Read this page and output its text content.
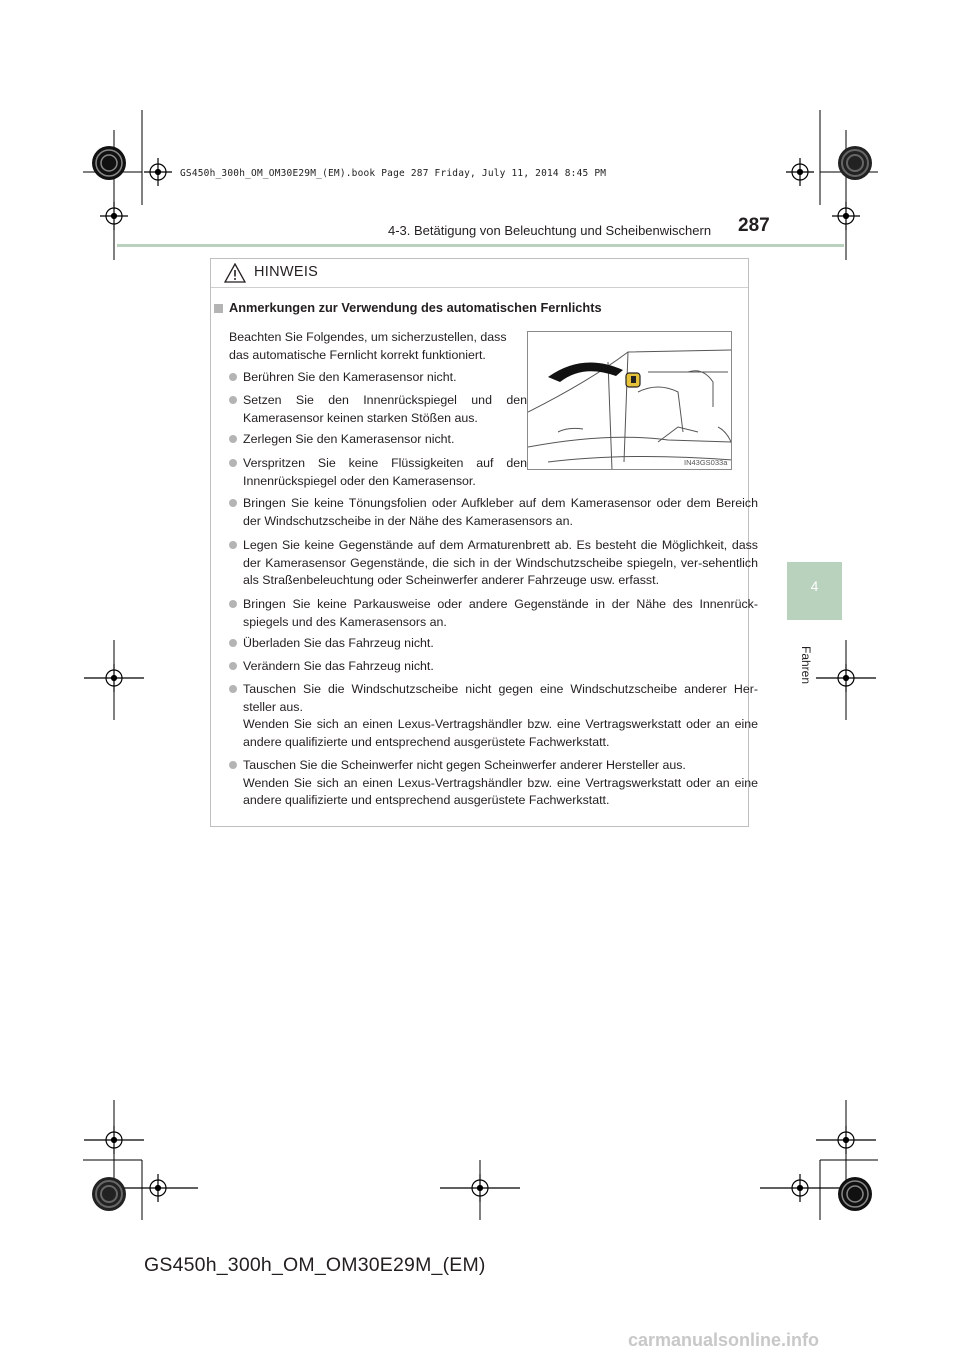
GS450h_300h_OM_OM30E29M_(EM).book Page 287 Friday, July 11, 2014 8:45 PM
4-3. Betätigung von Beleuchtung und Scheibenwischern 287
4
Fahren
HINWEIS
Anmerkungen zur Verwendung des automatischen Fernlichts
Beachten Sie Folgendes, um sicherzustellen, dass das automatische Fernlicht korrekt funktioniert.
Berühren Sie den Kamerasensor nicht.
Setzen Sie den Innenrückspiegel und den Kamerasensor keinen starken Stößen aus.
Zerlegen Sie den Kamerasensor nicht.
Verspritzen Sie keine Flüssigkeiten auf den Innenrückspiegel oder den Kamerasensor.
IN43GS033a
Bringen Sie keine Tönungsfolien oder Aufkleber auf dem Kamerasensor oder dem Bereich der Windschutzscheibe in der Nähe des Kamerasensors an.
Legen Sie keine Gegenstände auf dem Armaturenbrett ab. Es besteht die Möglichkeit, dass der Kamerasensor Gegenstände, die sich in der Windschutzscheibe spiegeln, ver-sehentlich als Straßenbeleuchtung oder Scheinwerfer anderer Fahrzeuge usw. erfasst.
Bringen Sie keine Parkausweise oder andere Gegenstände in der Nähe des Innenrück-spiegels und des Kamerasensors an.
Überladen Sie das Fahrzeug nicht.
Verändern Sie das Fahrzeug nicht.

Tauschen Sie die Windschutzscheibe nicht gegen eine Windschutzscheibe anderer Her-steller aus.

Wenden Sie sich an einen Lexus-Vertragshändler bzw. eine Vertragswerkstatt oder an eine andere qualifizierte und entsprechend ausgerüstete Fachwerkstatt.

Tauschen Sie die Scheinwerfer nicht gegen Scheinwerfer anderer Hersteller aus.

Wenden Sie sich an einen Lexus-Vertragshändler bzw. eine Vertragswerkstatt oder an eine andere qualifizierte und entsprechend ausgerüstete Fachwerkstatt.

GS450h_300h_OM_OM30E29M_(EM)
carmanualsonline.info
